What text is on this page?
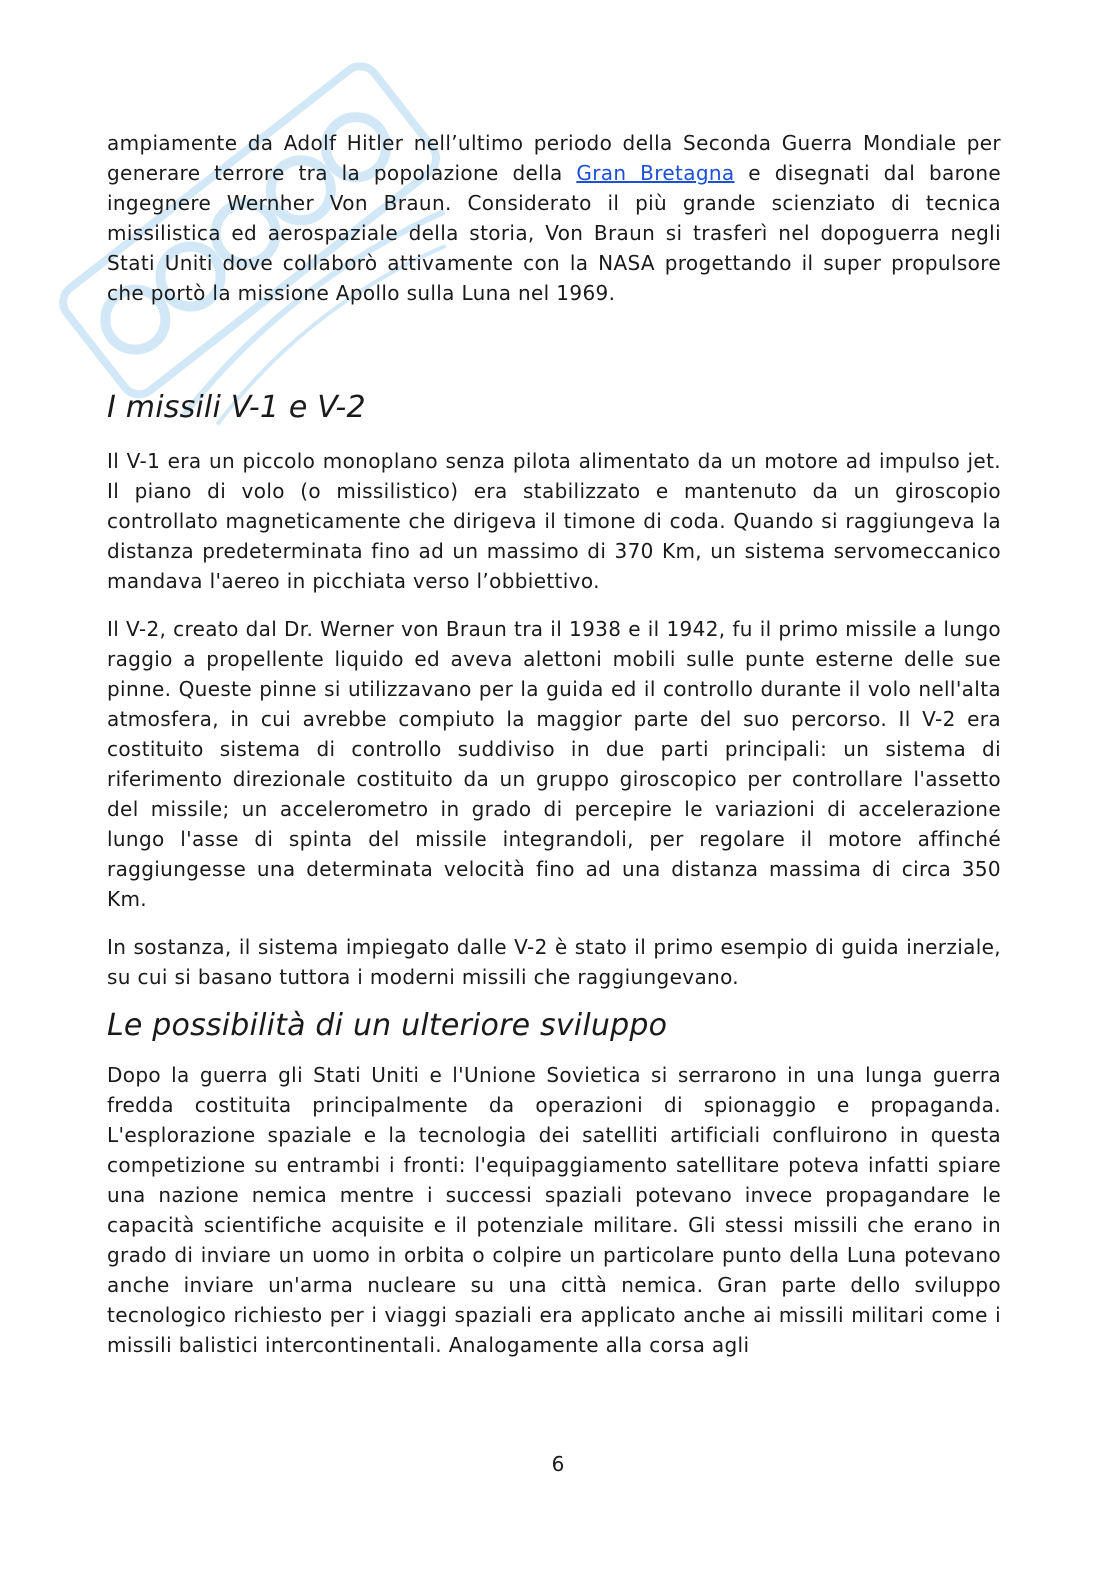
ampiamente da Adolf Hitler nell’ultimo periodo della Seconda Guerra Mondiale per generare terrore tra la popolazione della Gran Bretagna e disegnati dal barone ingegnere Wernher Von Braun. Considerato il più grande scienziato di tecnica missilistica ed aerospaziale della storia, Von Braun si trasferì nel dopoguerra negli Stati Uniti dove collaborò attivamente con la NASA progettando il super propulsore che portò la missione Apollo sulla Luna nel 1969.

I missili V-1 e V-2

Il V-1 era un piccolo monoplano senza pilota alimentato da un motore ad impulso jet. Il piano di volo (o missilistico) era stabilizzato e mantenuto da un giroscopio controllato magneticamente che dirigeva il timone di coda. Quando si raggiungeva la distanza predeterminata fino ad un massimo di 370 Km, un sistema servomeccanico mandava l'aereo in picchiata verso l’obbiettivo.

Il V-2, creato dal Dr. Werner von Braun tra il 1938 e il 1942, fu il primo missile a lungo raggio a propellente liquido ed aveva alettoni mobili sulle punte esterne delle sue pinne. Queste pinne si utilizzavano per la guida ed il controllo durante il volo nell'alta atmosfera, in cui avrebbe compiuto la maggior parte del suo percorso. Il V-2 era costituito sistema di controllo suddiviso in due parti principali: un sistema di riferimento direzionale costituito da un gruppo giroscopico per controllare l'assetto del missile; un accelerometro in grado di percepire le variazioni di accelerazione lungo l'asse di spinta del missile integrandoli, per regolare il motore affinché raggiungesse una determinata velocità fino ad una distanza massima di circa 350 Km.

In sostanza, il sistema impiegato dalle V-2 è stato il primo esempio di guida inerziale, su cui si basano tuttora i moderni missili che raggiungevano.

Le possibilità di un ulteriore sviluppo

Dopo la guerra gli Stati Uniti e l'Unione Sovietica si serrarono in una lunga guerra fredda costituita principalmente da operazioni di spionaggio e propaganda. L'esplorazione spaziale e la tecnologia dei satelliti artificiali confluirono in questa competizione su entrambi i fronti: l'equipaggiamento satellitare poteva infatti spiare una nazione nemica mentre i successi spaziali potevano invece propagandare le capacità scientifiche acquisite e il potenziale militare. Gli stessi missili che erano in grado di inviare un uomo in orbita o colpire un particolare punto della Luna potevano anche inviare un'arma nucleare su una città nemica. Gran parte dello sviluppo tecnologico richiesto per i viaggi spaziali era applicato anche ai missili militari come i missili balistici intercontinentali. Analogamente alla corsa agli

6
